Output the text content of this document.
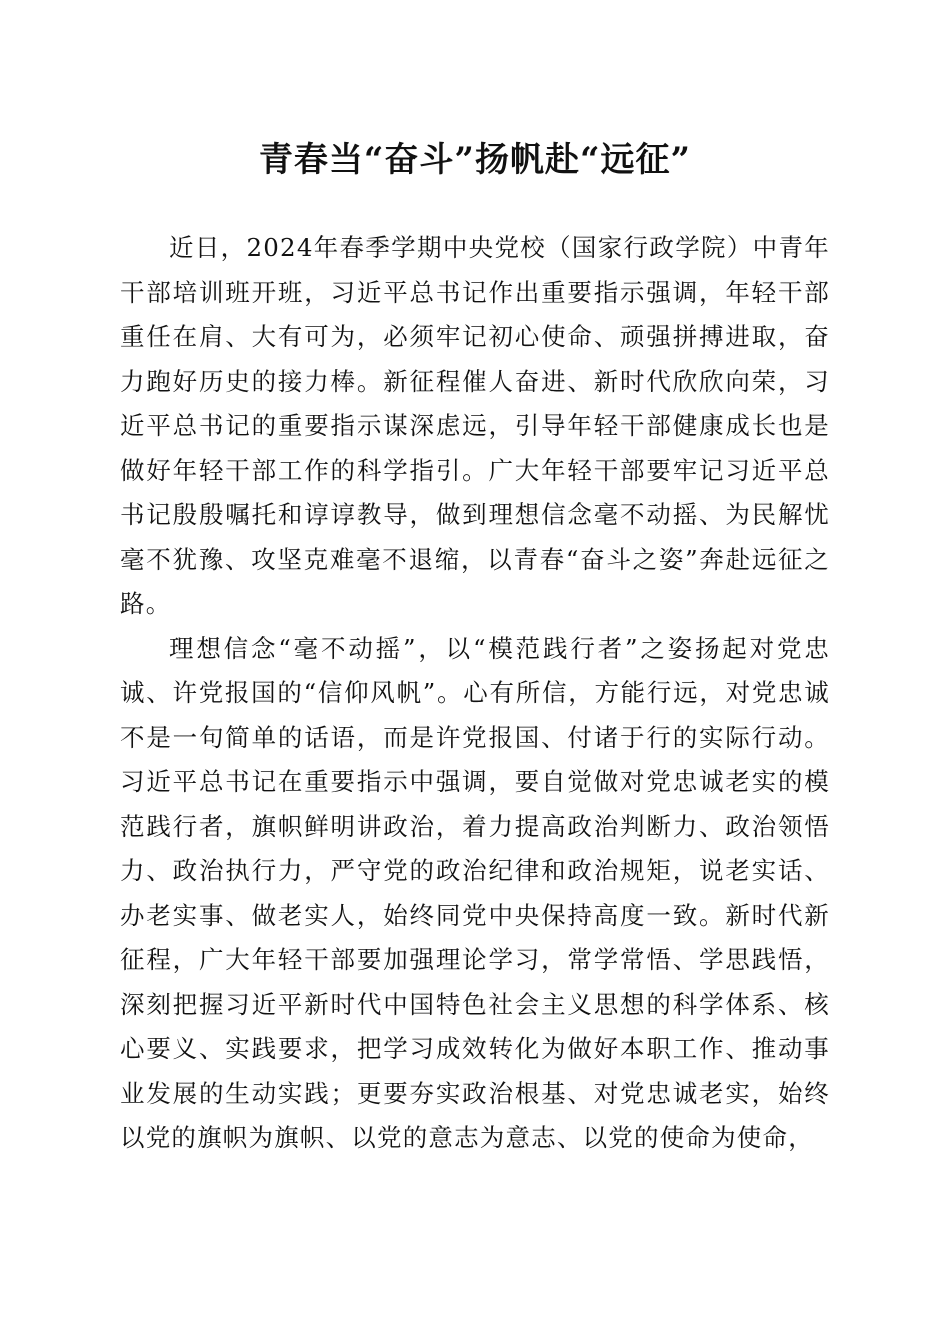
青春当“奋斗”扬帆赴“远征”

近日，2024年春季学期中央党校（国家行政学院）中青年干部培训班开班，习近平总书记作出重要指示强调，年轻干部重任在肩、大有可为，必须牢记初心使命、顽强拼搏进取，奋力跑好历史的接力棒。新征程催人奋进、新时代欣欣向荣，习近平总书记的重要指示谋深虑远，引导年轻干部健康成长也是做好年轻干部工作的科学指引。广大年轻干部要牢记习近平总书记殷殷嘱托和谆谆教导，做到理想信念毫不动摇、为民解忧毫不犹豫、攻坚克难毫不退缩，以青春“奋斗之姿”奔赴远征之路。

理想信念“毫不动摇”，以“模范践行者”之姿扬起对党忠诚、许党报国的“信仰风帆”。心有所信，方能行远，对党忠诚不是一句简单的话语，而是许党报国、付诸于行的实际行动。习近平总书记在重要指示中强调，要自觉做对党忠诚老实的模范践行者，旗帜鲜明讲政治，着力提高政治判断力、政治领悟力、政治执行力，严守党的政治纪律和政治规矩，说老实话、办老实事、做老实人，始终同党中央保持高度一致。新时代新征程，广大年轻干部要加强理论学习，常学常悟、学思践悟，深刻把握习近平新时代中国特色社会主义思想的科学体系、核心要义、实践要求，把学习成效转化为做好本职工作、推动事业发展的生动实践；更要夯实政治根基、对党忠诚老实，始终以党的旗帜为旗帜、以党的意志为意志、以党的使命为使命，
